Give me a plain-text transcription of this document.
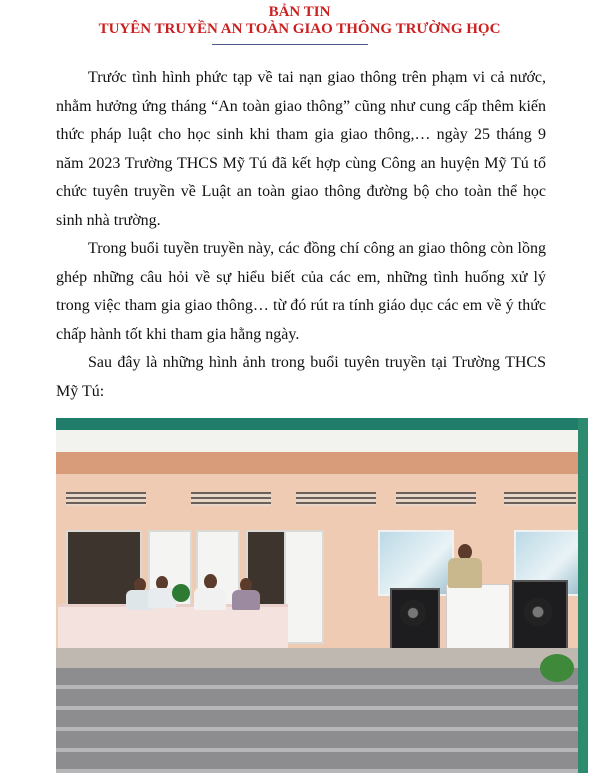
BẢN TIN
TUYÊN TRUYỀN AN TOÀN GIAO THÔNG TRƯỜNG HỌC

Trước tình hình phức tạp về tai nạn giao thông trên phạm vi cả nước, nhằm hưởng ứng tháng “An toàn giao thông” cũng như cung cấp thêm kiến thức pháp luật cho học sinh khi tham gia giao thông,… ngày 25 tháng 9 năm 2023 Trường THCS Mỹ Tú đã kết hợp cùng Công an huyện Mỹ Tú tổ chức tuyên truyền về Luật an toàn giao thông đường bộ cho toàn thể học sinh nhà trường.

Trong buổi tuyền truyền này, các đồng chí công an giao thông còn lồng ghép những câu hỏi về sự hiểu biết của các em, những tình huống xử lý trong việc tham gia giao thông… từ đó rút ra tính giáo dục các em về ý thức chấp hành tốt khi tham gia hằng ngày.

Sau đây là những hình ảnh trong buổi tuyên truyền tại Trường THCS Mỹ Tú:
